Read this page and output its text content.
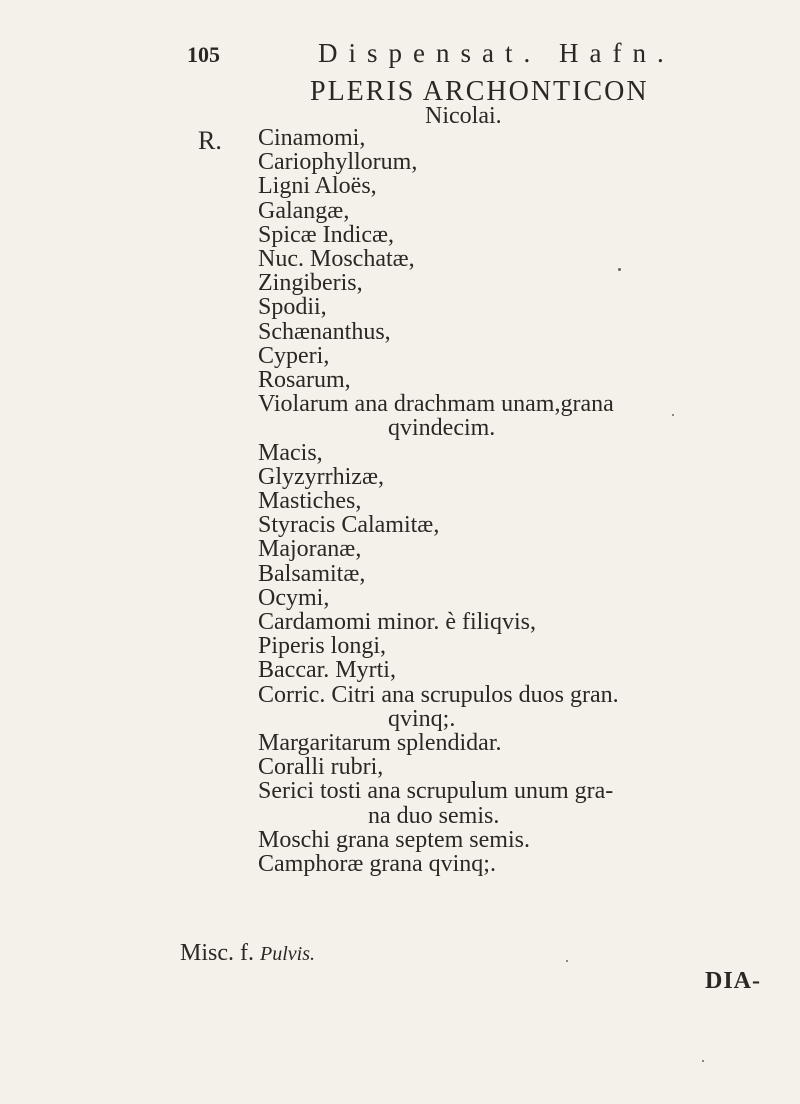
105	Dispensat. Hafn.
PLERIS ARCHONTICON
Nicolai.
R. Cinamomi,
Cariophyllorum,
Ligni Aloës,
Galangæ,
Spicæ Indicæ,
Nuc. Moschatæ,
Zingiberis,
Spodii,
Schænanthus,
Cyperi,
Rosarum,
Violarum ana drachmam unam,grana
qvindecim.
Macis,
Glyzyrrhizæ,
Mastiches,
Styracis Calamitæ,
Majoranæ,
Balsamitæ,
Ocymi,
Cardamomi minor. è filiqvis,
Piperis longi,
Baccar. Myrti,
Corric. Citri ana scrupulos duos gran.
qvinq;.
Margaritarum splendidar.
Coralli rubri,
Serici tosti ana scrupulum unum gra-
na duo semis.
Moschi grana septem semis.
Camphoræ grana qvinq;.
Misc. f. Pulvis.
DIA-
